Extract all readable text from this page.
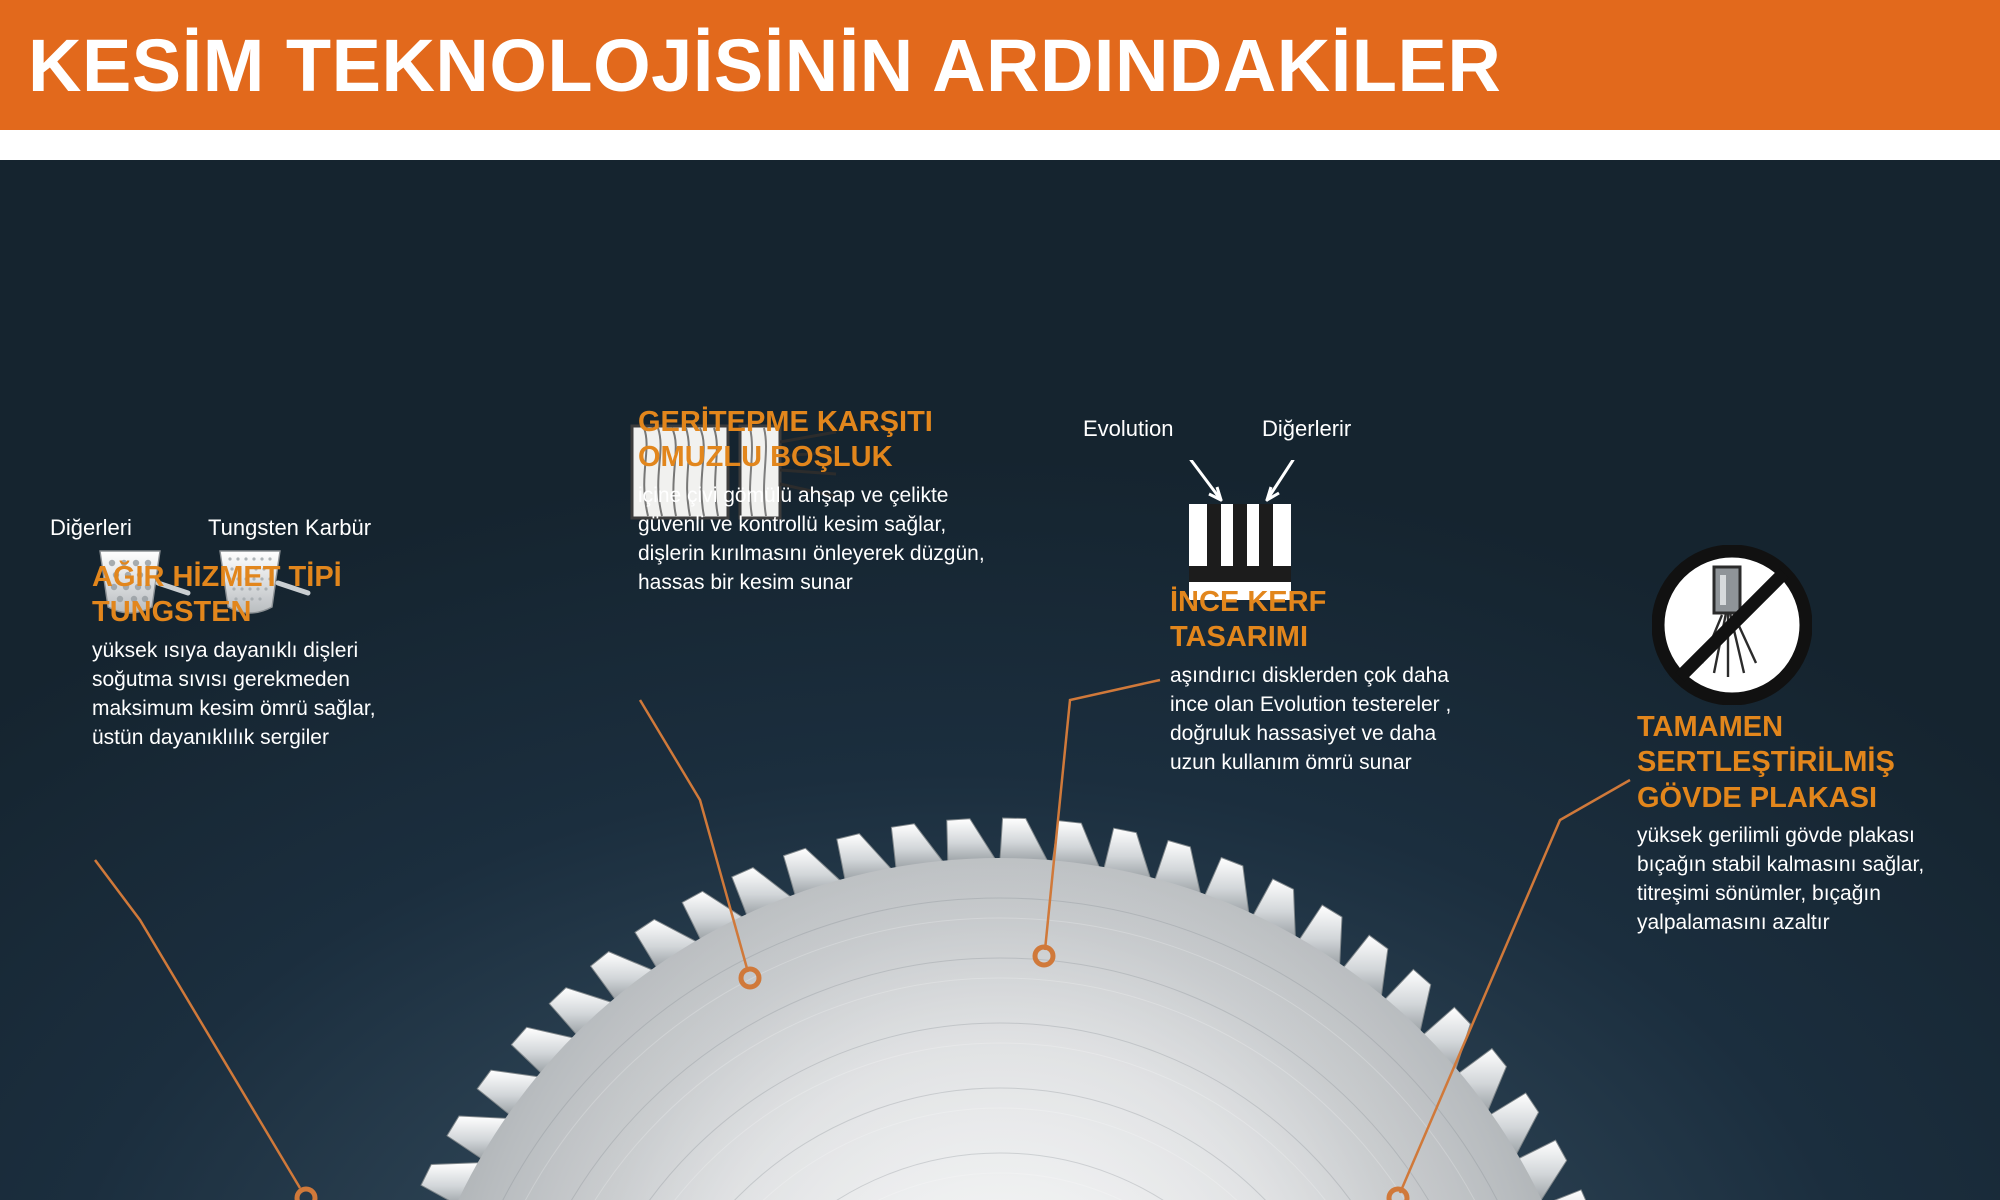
KESİM TEKNOLOJİSİNİN ARDINDAKİLER
Diğerleri	Tungsten Karbür
Evolution	Diğerlerir
AĞIR HİZMET TİPİ TUNGSTEN
yüksek ısıya dayanıklı dişleri soğutma sıvısı gerekmeden maksimum kesim ömrü sağlar, üstün dayanıklılık sergiler
GERİTEPME KARŞITI OMUZLU BOŞLUK
içine çivi gömülü ahşap ve çelikte güvenli ve kontrollü kesim sağlar, dişlerin kırılmasını önleyerek düzgün, hassas bir kesim sunar
İNCE KERF TASARIMI
aşındırıcı disklerden çok daha ince olan Evolution testereler , doğruluk hassasiyet ve daha uzun kullanım ömrü sunar
TAMAMEN SERTLEŞTİRİLMİŞ GÖVDE PLAKASI
yüksek gerilimli gövde plakası bıçağın stabil kalmasını sağlar, titreşimi sönümler, bıçağın yalpalamasını azaltır
